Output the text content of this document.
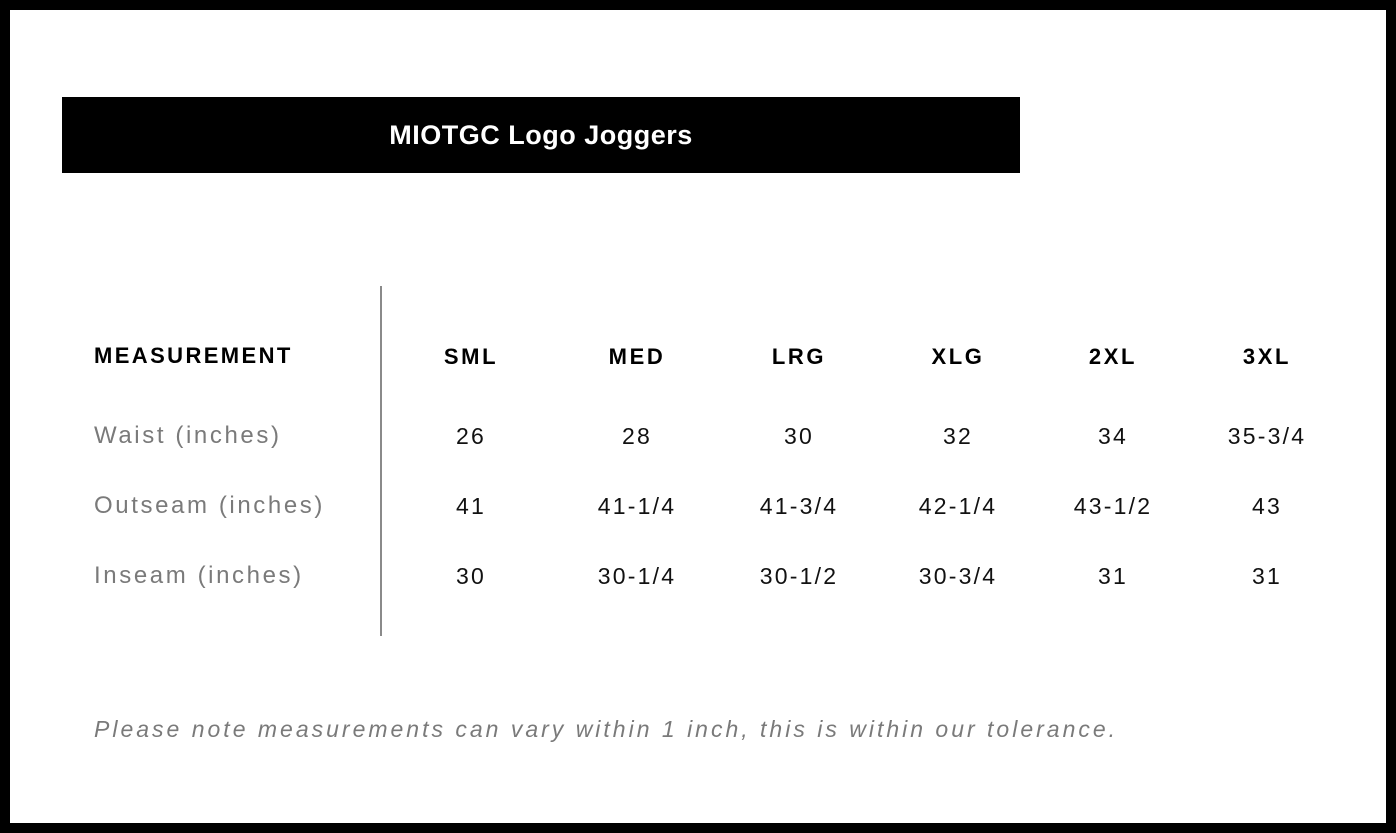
MIOTGC Logo Joggers
MEASUREMENT	SML	MED	LRG	XLG	2XL	3XL
Waist (inches)	26	28	30	32	34	35-3/4
Outseam (inches)	41	41-1/4	41-3/4	42-1/4	43-1/2	43
Inseam (inches)	30	30-1/4	30-1/2	30-3/4	31	31
Please note measurements can vary within 1 inch, this is within our tolerance.
